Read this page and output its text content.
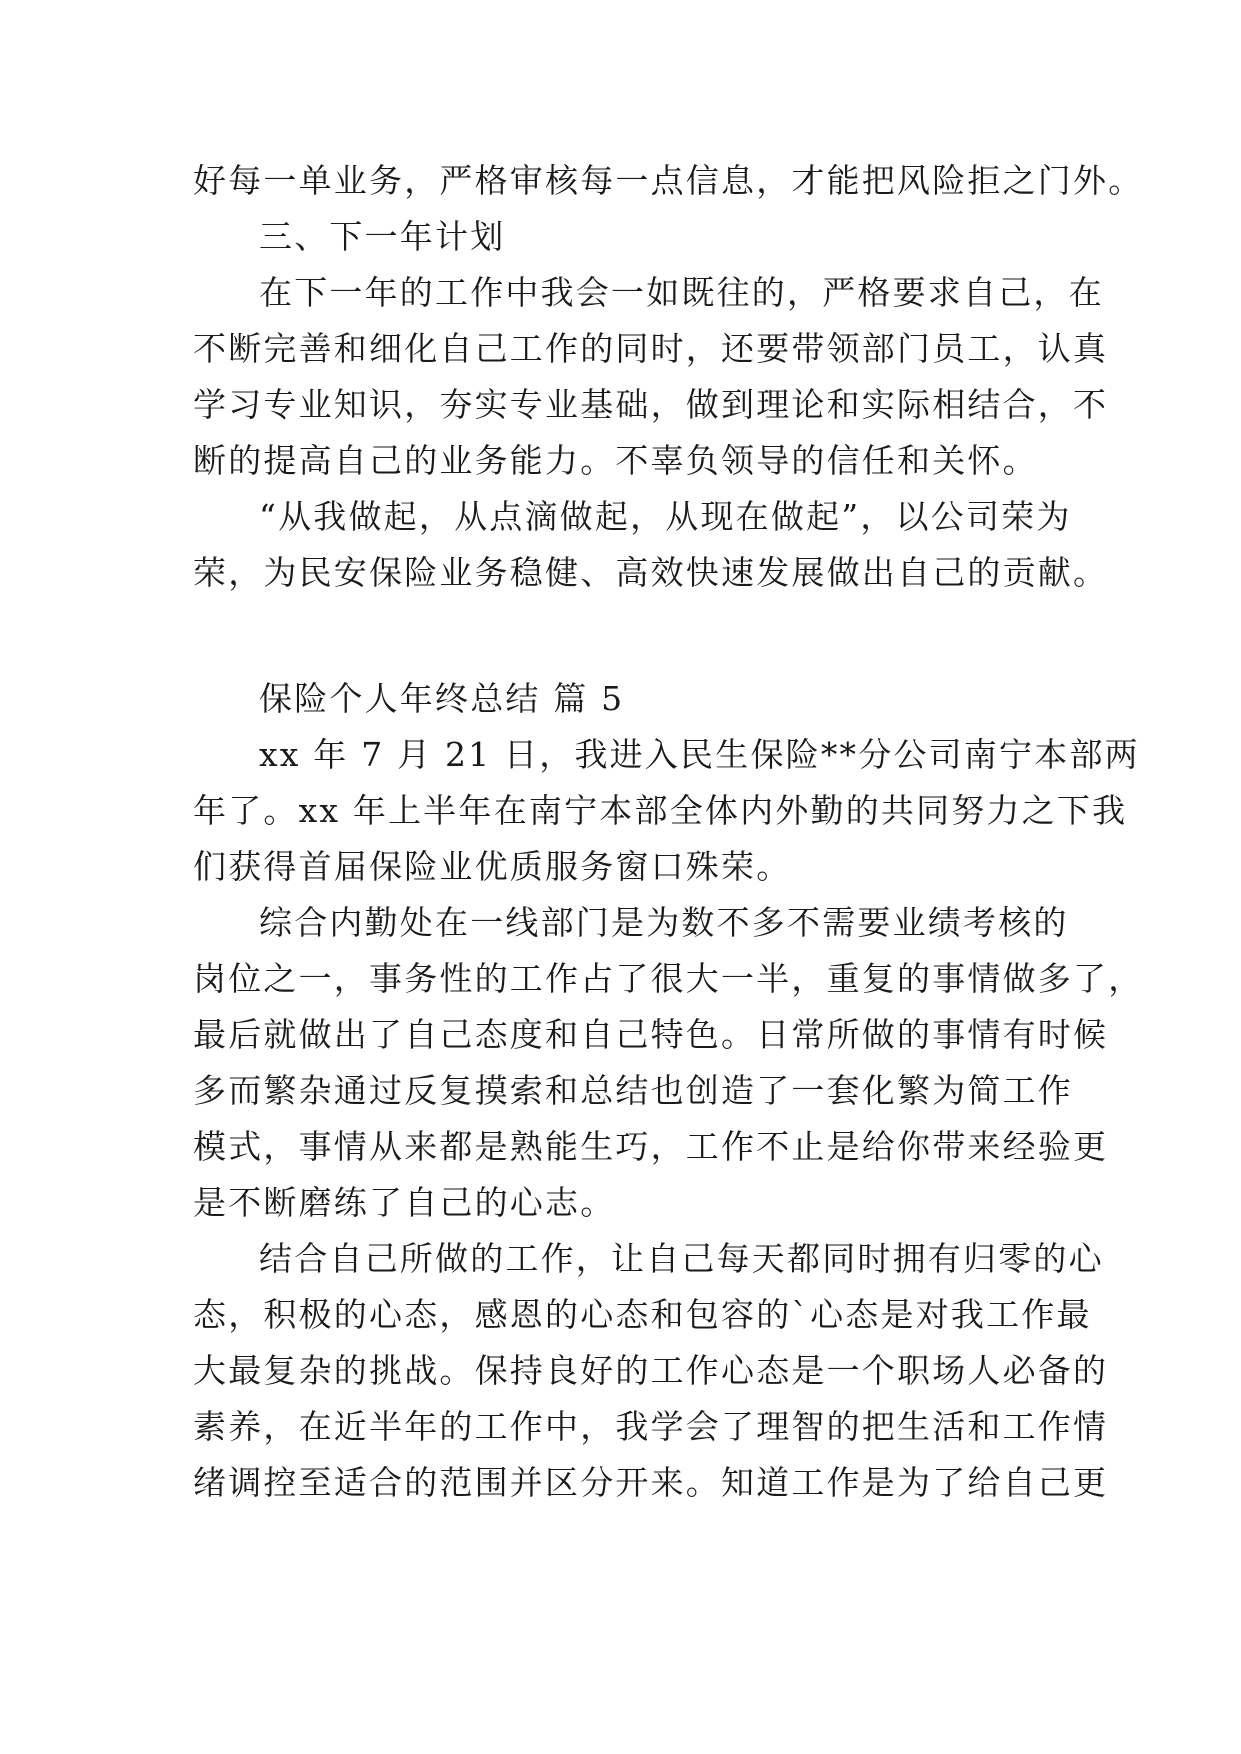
好每一单业务，严格审核每一点信息，才能把风险拒之门外。
三、下一年计划
在下一年的工作中我会一如既往的，严格要求自己，在
不断完善和细化自己工作的同时，还要带领部门员工，认真
学习专业知识，夯实专业基础，做到理论和实际相结合，不
断的提高自己的业务能力。不辜负领导的信任和关怀。
“从我做起，从点滴做起，从现在做起”，以公司荣为
荣，为民安保险业务稳健、高效快速发展做出自己的贡献。
保险个人年终总结 篇 5
xx 年 7 月 21 日，我进入民生保险**分公司南宁本部两
年了。xx 年上半年在南宁本部全体内外勤的共同努力之下我
们获得首届保险业优质服务窗口殊荣。
综合内勤处在一线部门是为数不多不需要业绩考核的
岗位之一，事务性的工作占了很大一半，重复的事情做多了，
最后就做出了自己态度和自己特色。日常所做的事情有时候
多而繁杂通过反复摸索和总结也创造了一套化繁为简工作
模式，事情从来都是熟能生巧，工作不止是给你带来经验更
是不断磨练了自己的心志。
结合自己所做的工作，让自己每天都同时拥有归零的心
态，积极的心态，感恩的心态和包容的`心态是对我工作最
大最复杂的挑战。保持良好的工作心态是一个职场人必备的
素养，在近半年的工作中，我学会了理智的把生活和工作情
绪调控至适合的范围并区分开来。知道工作是为了给自己更
